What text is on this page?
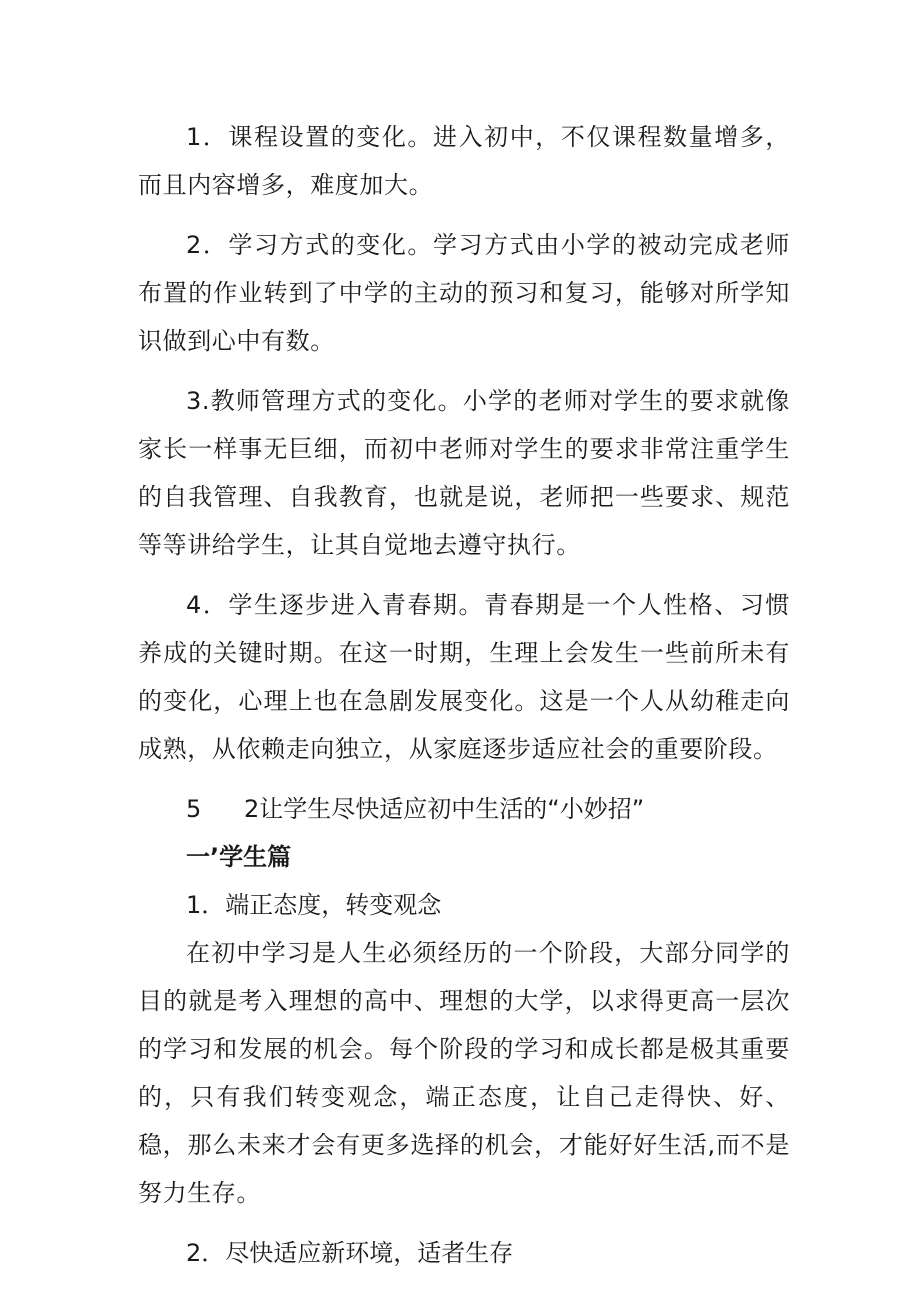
1．课程设置的变化。进入初中，不仅课程数量增多，而且内容增多，难度加大。

2．学习方式的变化。学习方式由小学的被动完成老师布置的作业转到了中学的主动的预习和复习，能够对所学知识做到心中有数。

3.教师管理方式的变化。小学的老师对学生的要求就像家长一样事无巨细，而初中老师对学生的要求非常注重学生的自我管理、自我教育，也就是说，老师把一些要求、规范等等讲给学生，让其自觉地去遵守执行。

4．学生逐步进入青春期。青春期是一个人性格、习惯养成的关键时期。在这一时期，生理上会发生一些前所未有的变化，心理上也在急剧发展变化。这是一个人从幼稚走向成熟，从依赖走向独立，从家庭逐步适应社会的重要阶段。

5 2让学生尽快适应初中生活的“小妙招”

一’学生篇

1．端正态度，转变观念

在初中学习是人生必须经历的一个阶段，大部分同学的目的就是考入理想的高中、理想的大学，以求得更高一层次的学习和发展的机会。每个阶段的学习和成长都是极其重要的，只有我们转变观念，端正态度，让自己走得快、好、稳，那么未来才会有更多选择的机会，才能好好生活,而不是努力生存。

2．尽快适应新环境，适者生存
